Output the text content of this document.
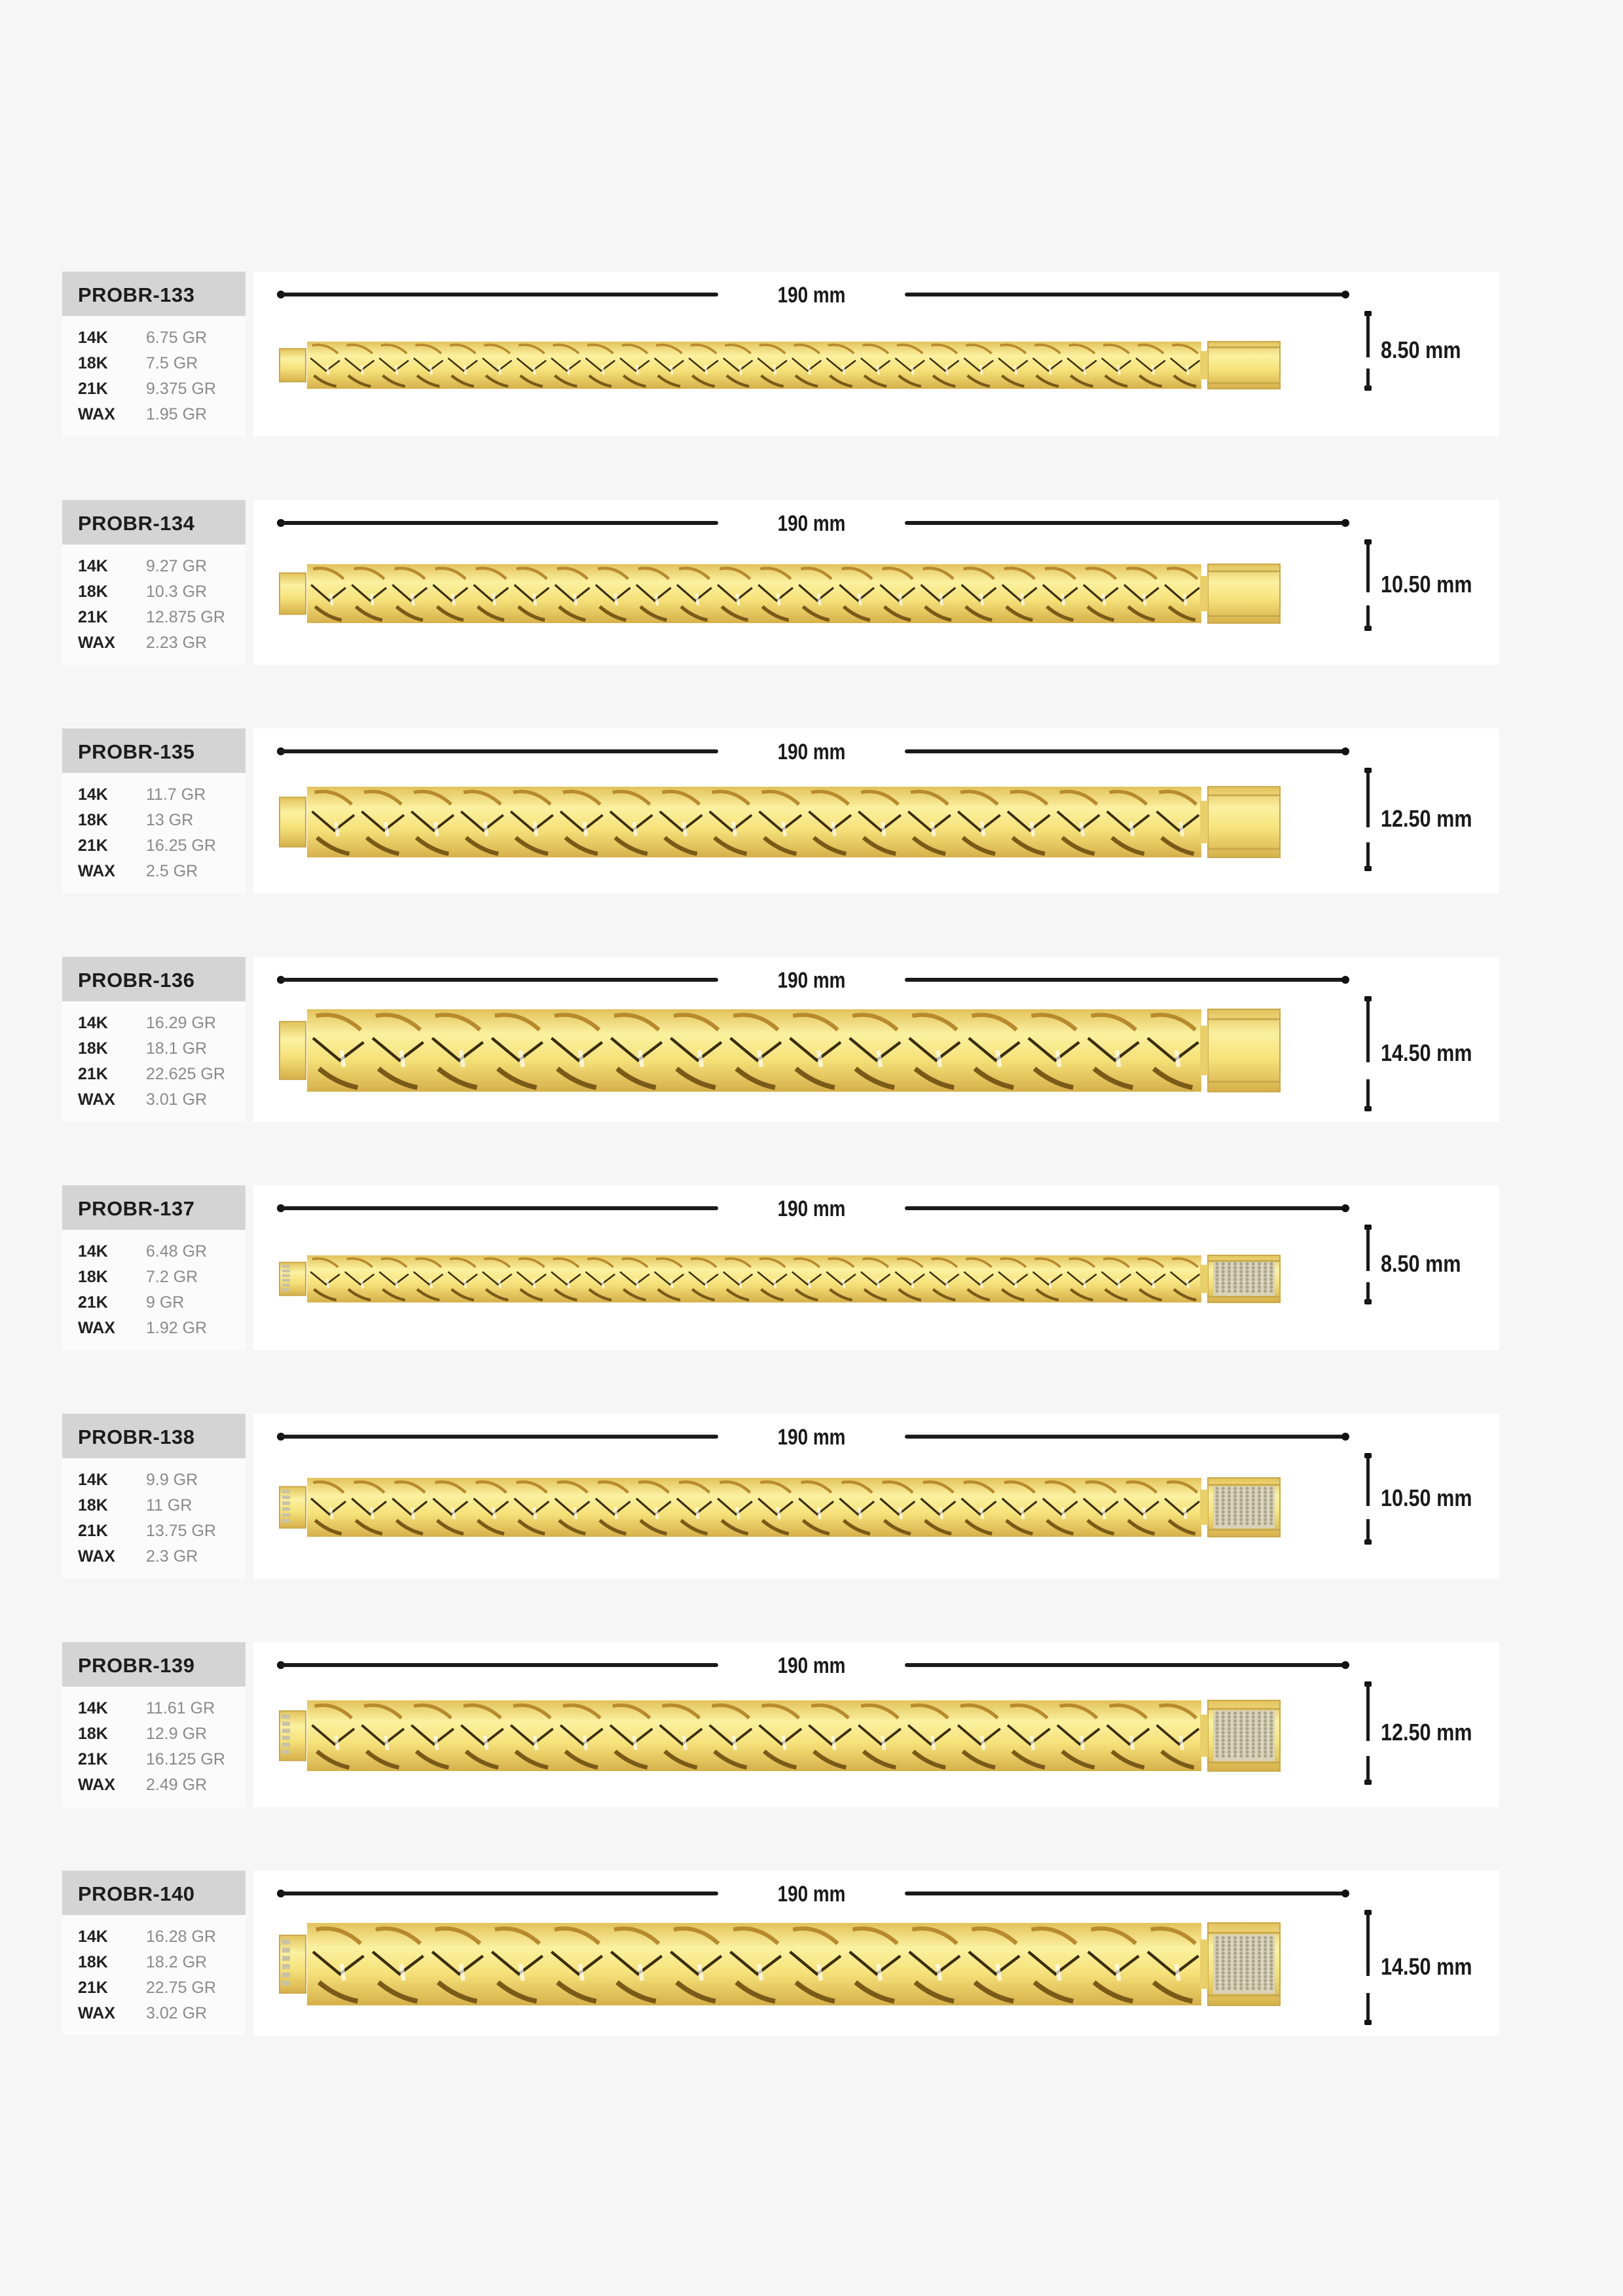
PROBR-133
14K	6.75 GR
18K	7.5 GR
21K	9.375 GR
WAX	1.95 GR
190 mm
8.50 mm
PROBR-134
14K	9.27 GR
18K	10.3 GR
21K	12.875 GR
WAX	2.23 GR
190 mm
10.50 mm
PROBR-135
14K	11.7 GR
18K	13 GR
21K	16.25 GR
WAX	2.5 GR
190 mm
12.50 mm
PROBR-136
14K	16.29 GR
18K	18.1 GR
21K	22.625 GR
WAX	3.01 GR
190 mm
14.50 mm
PROBR-137
14K	6.48 GR
18K	7.2 GR
21K	9 GR
WAX	1.92 GR
190 mm
8.50 mm
PROBR-138
14K	9.9 GR
18K	11 GR
21K	13.75 GR
WAX	2.3 GR
190 mm
10.50 mm
PROBR-139
14K	11.61 GR
18K	12.9 GR
21K	16.125 GR
WAX	2.49 GR
190 mm
12.50 mm
PROBR-140
14K	16.28 GR
18K	18.2 GR
21K	22.75 GR
WAX	3.02 GR
190 mm
14.50 mm
